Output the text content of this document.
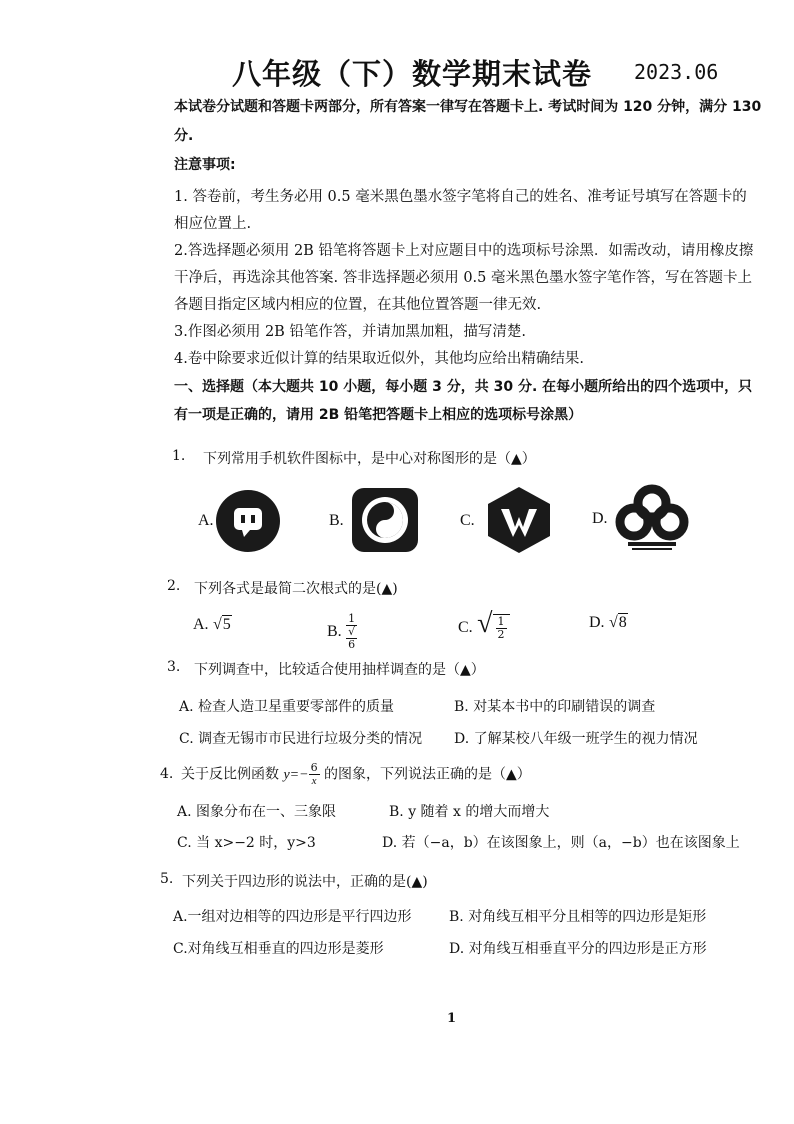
八年级（下）数学期末试卷 2023.06
本试卷分试题和答题卡两部分，所有答案一律写在答题卡上. 考试时间为 120 分钟，满分 130
分.
注意事项:
1. 答卷前，考生务必用 0.5 毫米黑色墨水签字笔将自己的姓名、准考证号填写在答题卡的
相应位置上.
2.答选择题必须用 2B 铅笔将答题卡上对应题目中的选项标号涂黑．如需改动，请用橡皮擦
干净后，再选涂其他答案. 答非选择题必须用 0.5 毫米黑色墨水签字笔作答，写在答题卡上
各题目指定区域内相应的位置，在其他位置答题一律无效.
3.作图必须用 2B 铅笔作答，并请加黑加粗，描写清楚.
4.卷中除要求近似计算的结果取近似外，其他均应给出精确结果.
一、选择题（本大题共 10 小题，每小题 3 分，共 30 分. 在每小题所给出的四个选项中，只
有一项是正确的，请用 2B 铅笔把答题卡上相应的选项标号涂黑）
1. 下列常用手机软件图标中，是中心对称图形的是（▲）
A.	B.	C.	D.
2. 下列各式是最简二次根式的是(▲)
A. √5	B. 1
√
6	C. √ $\frac{1}{2}$	D. √8
3. 下列调查中，比较适合使用抽样调查的是（▲）
A. 检查人造卫星重要零部件的质量	B. 对某本书中的印刷错误的调查
C. 调查无锡市市民进行垃圾分类的情况 D. 了解某校八年级一班学生的视力情况
4. 关于反比例函数 $y=- \frac{6}{x}$ 的图象，下列说法正确的是（▲）
A. 图象分布在一、三象限	B. y 随着 x 的增大而增大
C. 当 x>−2 时，y>3	D. 若（−a，b）在该图象上，则（a，−b）也在该图象上
5. 下列关于四边形的说法中，正确的是(▲)
A.一组对边相等的四边形是平行四边形	B. 对角线互相平分且相等的四边形是矩形
C.对角线互相垂直的四边形是菱形	D. 对角线互相垂直平分的四边形是正方形
1
